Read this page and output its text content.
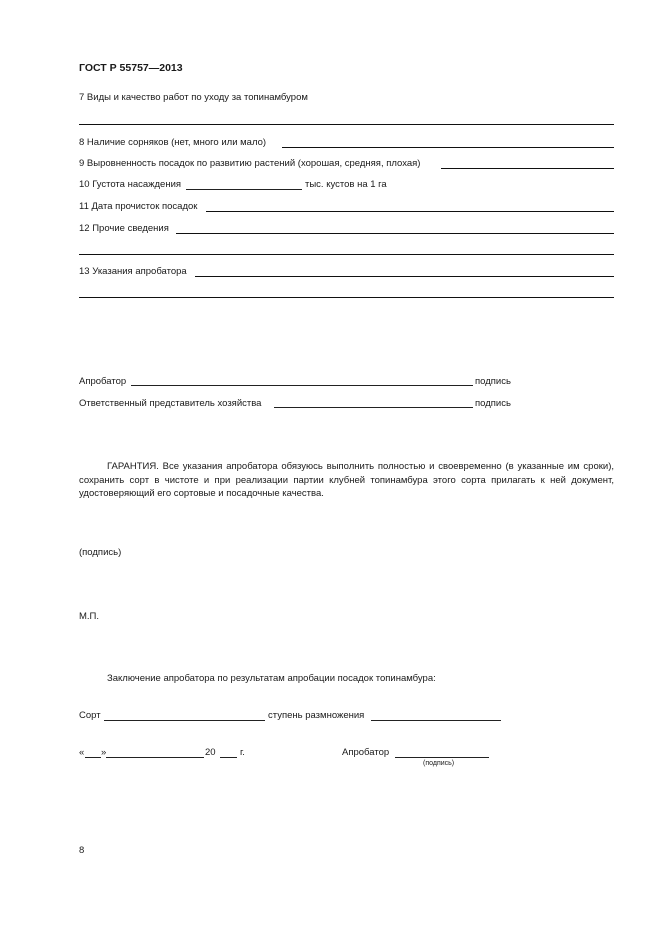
ГОСТ Р 55757—2013
7 Виды и качество работ по уходу за топинамбуром
8 Наличие сорняков (нет, много или мало)
9 Выровненность посадок по развитию растений (хорошая, средняя, плохая)
10 Густота насаждения	тыс. кустов на 1 га
11 Дата прочисток посадок
12 Прочие сведения
13 Указания апробатора
Апробатор	подпись
Ответственный представитель хозяйства	подпись
ГАРАНТИЯ. Все указания апробатора обязуюсь выполнить полностью и своевременно (в указанные им сроки), сохранить сорт в чистоте и при реализации партии клубней топинамбура этого сорта прилагать к ней документ, удостоверяющий его сортовые и посадочные качества.
(подпись)
М.П.
Заключение апробатора по результатам апробации посадок топинамбура:
Сорт	ступень размножения
« »	20	г.	Апробатор
(подпись)
8
